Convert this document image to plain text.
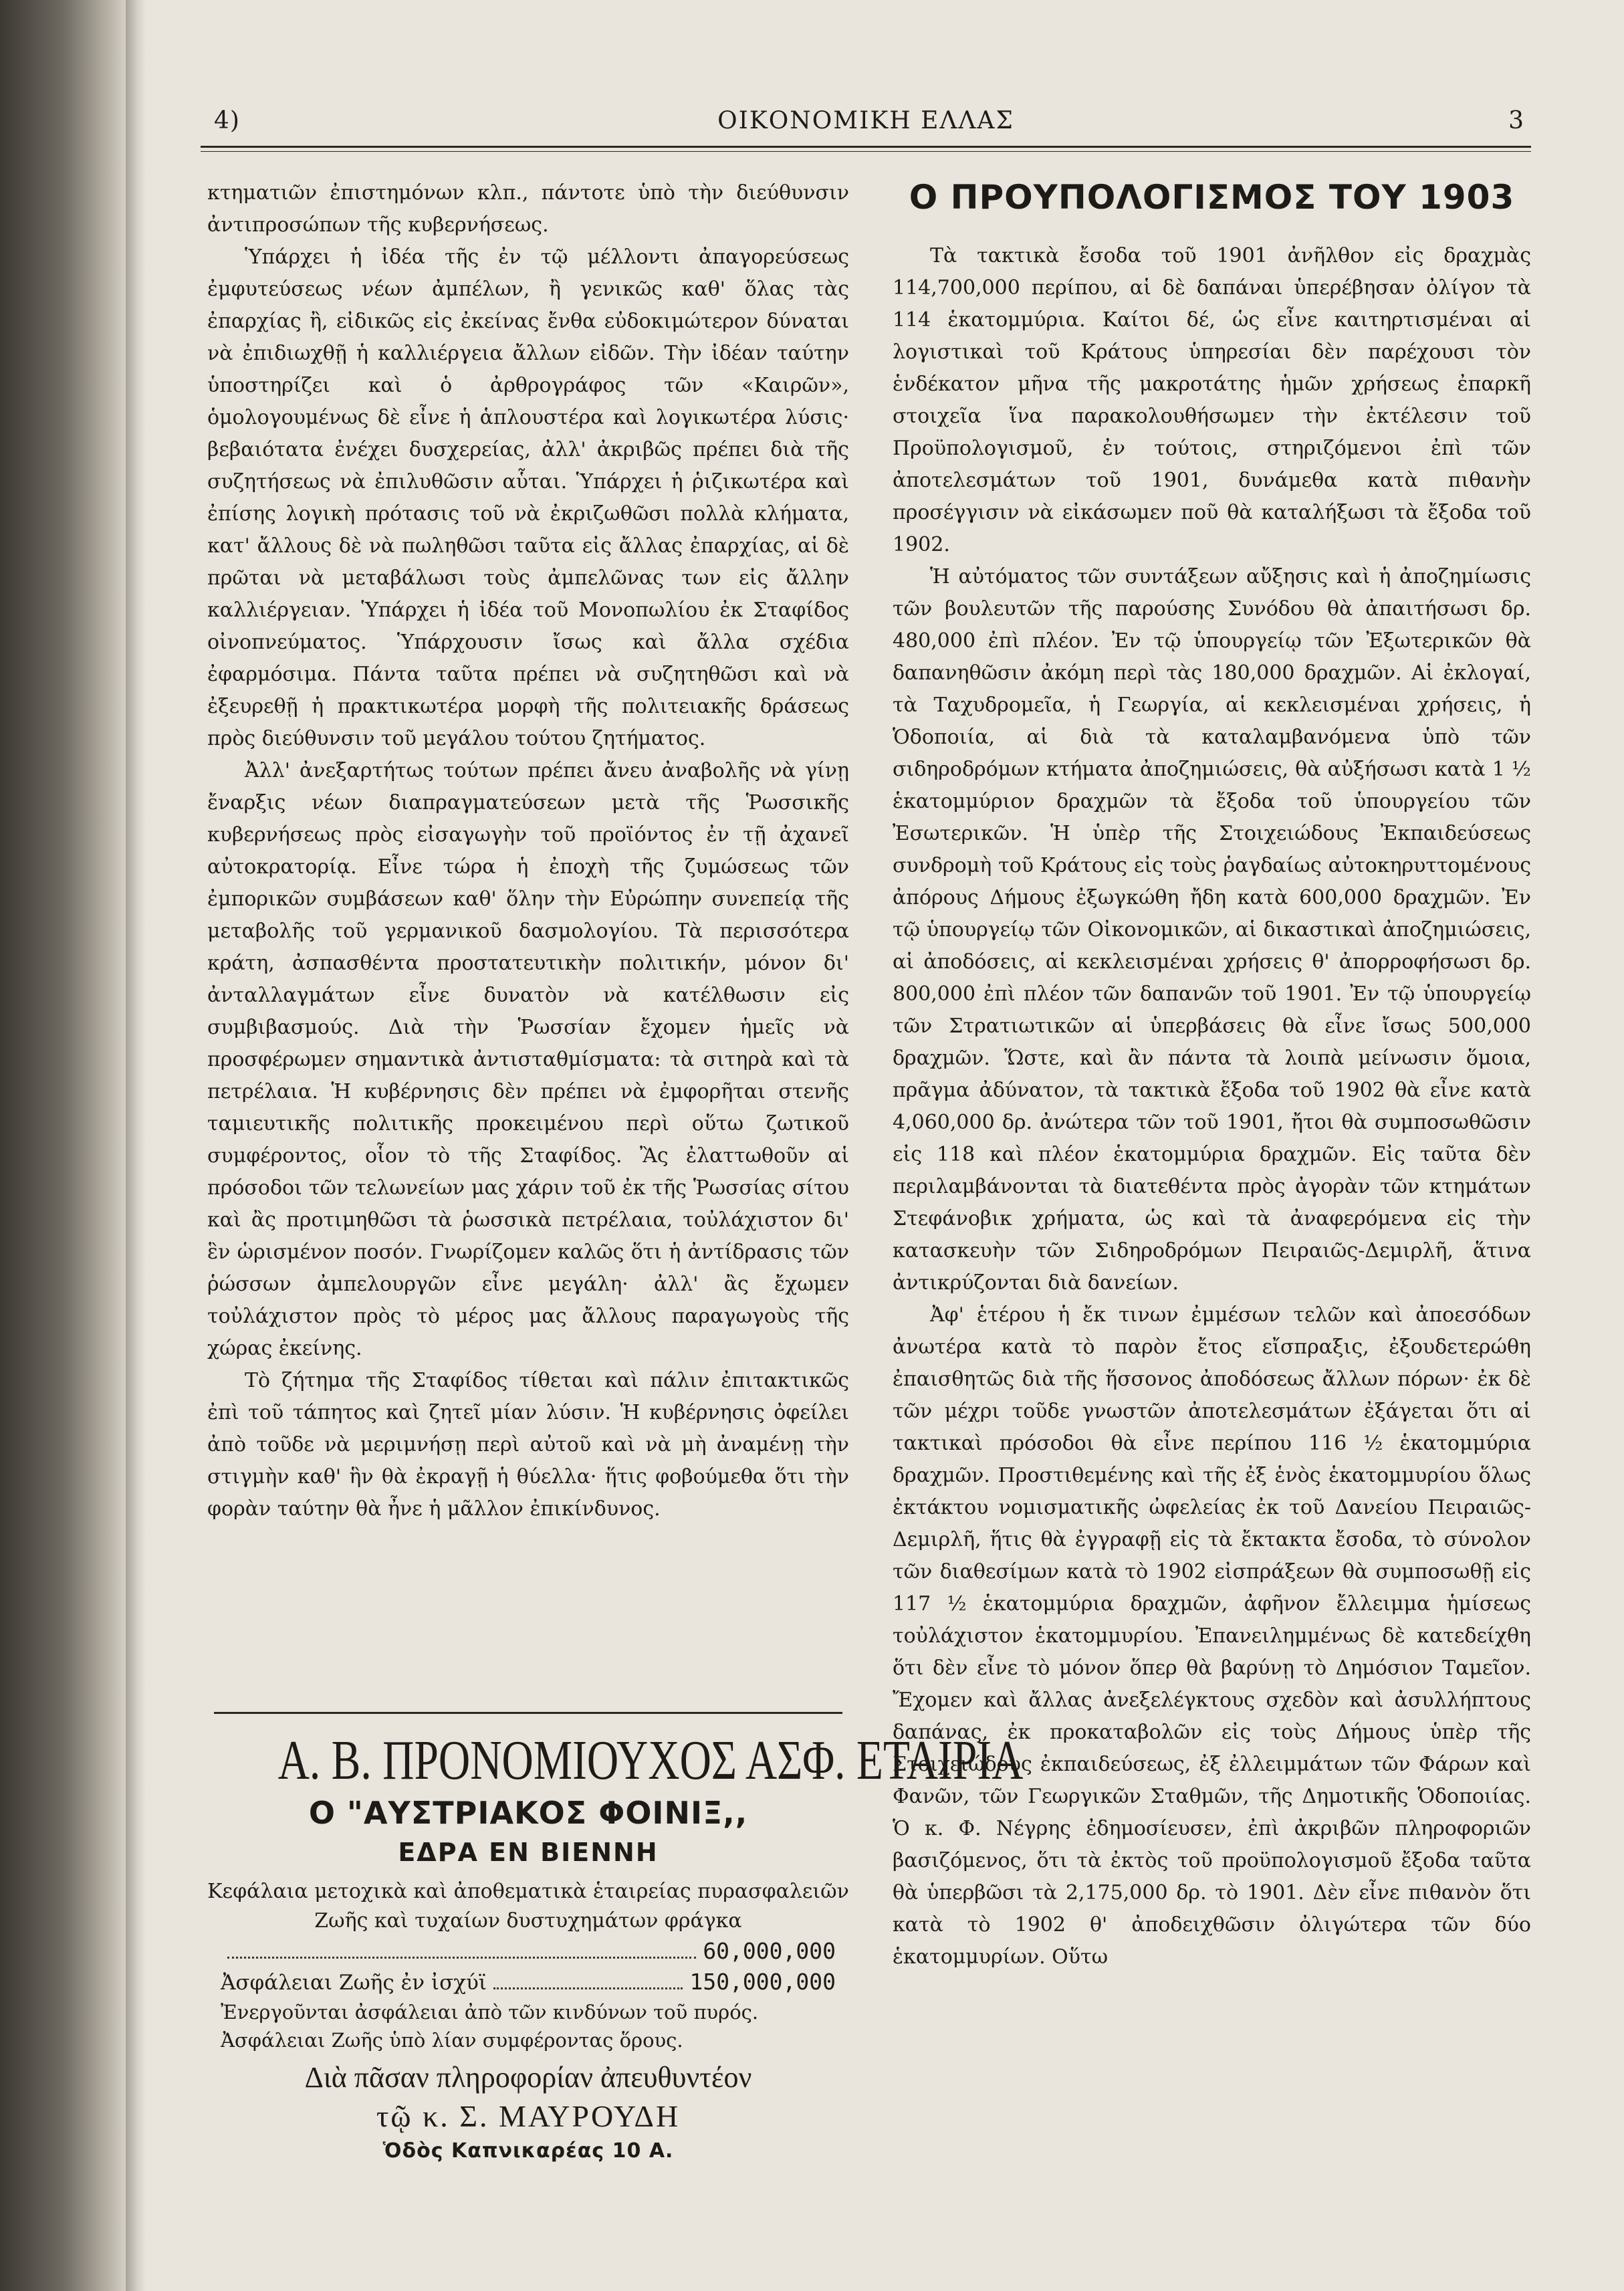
4)	ΟΙΚΟΝΟΜΙΚΗ ΕΛΛΑΣ	3

κτηματιῶν ἐπιστημόνων κλπ., πάντοτε ὑπὸ τὴν διεύθυνσιν ἀντιπροσώπων τῆς κυβερνήσεως.

Ὑπάρχει ἡ ἰδέα τῆς ἐν τῷ μέλλοντι ἀπαγορεύσεως ἐμφυτεύσεως νέων ἀμπέλων, ἢ γενικῶς καθ' ὅλας τὰς ἐπαρχίας ἢ, εἰδικῶς εἰς ἐκείνας ἔνθα εὐδοκιμώτερον δύναται νὰ ἐπιδιωχθῇ ἡ καλλιέργεια ἄλλων εἰδῶν. Τὴν ἰδέαν ταύτην ὑποστηρίζει καὶ ὁ ἀρθρογράφος τῶν «Καιρῶν», ὁμολογουμένως δὲ εἶνε ἡ ἁπλουστέρα καὶ λογικωτέρα λύσις· βεβαιότατα ἐνέχει δυσχερείας, ἀλλ' ἀκριβῶς πρέπει διὰ τῆς συζητήσεως νὰ ἐπιλυθῶσιν αὗται. Ὑπάρχει ἡ ῥιζικωτέρα καὶ ἐπίσης λογικὴ πρότασις τοῦ νὰ ἐκριζωθῶσι πολλὰ κλήματα, κατ' ἄλλους δὲ νὰ πωληθῶσι ταῦτα εἰς ἄλλας ἐπαρχίας, αἱ δὲ πρῶται νὰ μεταβάλωσι τοὺς ἀμπελῶνας των εἰς ἄλλην καλλιέργειαν. Ὑπάρχει ἡ ἰδέα τοῦ Μονοπωλίου ἐκ Σταφίδος οἰνοπνεύματος. Ὑπάρχουσιν ἴσως καὶ ἄλλα σχέδια ἐφαρμόσιμα. Πάντα ταῦτα πρέπει νὰ συζητηθῶσι καὶ νὰ ἐξευρεθῇ ἡ πρακτικωτέρα μορφὴ τῆς πολιτειακῆς δράσεως πρὸς διεύθυνσιν τοῦ μεγάλου τούτου ζητήματος.

Ἀλλ' ἀνεξαρτήτως τούτων πρέπει ἄνευ ἀναβολῆς νὰ γίνῃ ἔναρξις νέων διαπραγματεύσεων μετὰ τῆς Ῥωσσικῆς κυβερνήσεως πρὸς εἰσαγωγὴν τοῦ προϊόντος ἐν τῇ ἀχανεῖ αὐτοκρατορίᾳ. Εἶνε τώρα ἡ ἐποχὴ τῆς ζυμώσεως τῶν ἐμπορικῶν συμβάσεων καθ' ὅλην τὴν Εὐρώπην συνεπείᾳ τῆς μεταβολῆς τοῦ γερμανικοῦ δασμολογίου. Τὰ περισσότερα κράτη, ἀσπασθέντα προστατευτικὴν πολιτικήν, μόνον δι' ἀνταλλαγμάτων εἶνε δυνατὸν νὰ κατέλθωσιν εἰς συμβιβασμούς. Διὰ τὴν Ῥωσσίαν ἔχομεν ἡμεῖς νὰ προσφέρωμεν σημαντικὰ ἀντισταθμίσματα: τὰ σιτηρὰ καὶ τὰ πετρέλαια. Ἡ κυβέρνησις δὲν πρέπει νὰ ἐμφορῆται στενῆς ταμιευτικῆς πολιτικῆς προκειμένου περὶ οὕτω ζωτικοῦ συμφέροντος, οἷον τὸ τῆς Σταφίδος. Ἂς ἐλαττωθοῦν αἱ πρόσοδοι τῶν τελωνείων μας χάριν τοῦ ἐκ τῆς Ῥωσσίας σίτου καὶ ἂς προτιμηθῶσι τὰ ῥωσσικὰ πετρέλαια, τοὐλάχιστον δι' ἓν ὡρισμένον ποσόν. Γνωρίζομεν καλῶς ὅτι ἡ ἀντίδρασις τῶν ῥώσσων ἀμπελουργῶν εἶνε μεγάλη· ἀλλ' ἂς ἔχωμεν τοὐλάχιστον πρὸς τὸ μέρος μας ἄλλους παραγωγοὺς τῆς χώρας ἐκείνης.

Τὸ ζήτημα τῆς Σταφίδος τίθεται καὶ πάλιν ἐπιτακτικῶς ἐπὶ τοῦ τάπητος καὶ ζητεῖ μίαν λύσιν. Ἡ κυβέρνησις ὀφείλει ἀπὸ τοῦδε νὰ μεριμνήσῃ περὶ αὐτοῦ καὶ νὰ μὴ ἀναμένῃ τὴν στιγμὴν καθ' ἣν θὰ ἐκραγῇ ἡ θύελλα· ἥτις φοβούμεθα ὅτι τὴν φορὰν ταύτην θὰ ἦνε ἡ μᾶλλον ἐπικίνδυνος.

Α. Β. ΠΡΟΝΟΜΙΟΥΧΟΣ ΑΣΦ. ΕΤΑΙΡΙΑ
Ο "ΑΥΣΤΡΙΑΚΟΣ ΦΟΙΝΙΞ,,
ΕΔΡΑ ΕΝ ΒΙΕΝΝΗ
Κεφάλαια μετοχικὰ καὶ ἀποθεματικὰ ἑταιρείας πυρασφαλειῶν Ζωῆς καὶ τυχαίων δυστυχημάτων φράγκα
60,000,000
Ἀσφάλειαι Ζωῆς ἐν ἰσχύϊ	150,000,000
Ἐνεργοῦνται ἀσφάλειαι ἀπὸ τῶν κινδύνων τοῦ πυρός.
Ἀσφάλειαι Ζωῆς ὑπὸ λίαν συμφέροντας ὅρους.
Διὰ πᾶσαν πληροφορίαν ἀπευθυντέον
τῷ κ. Σ. ΜΑΥΡΟΥΔΗ
Ὁδὸς Καπνικαρέας 10 Α.
Ο ΠΡΟΥΠΟΛΟΓΙΣΜΟΣ ΤΟΥ 1903

Τὰ τακτικὰ ἔσοδα τοῦ 1901 ἀνῆλθον εἰς δραχμὰς 114,700,000 περίπου, αἱ δὲ δαπάναι ὑπερέβησαν ὀλίγον τὰ 114 ἑκατομμύρια. Καίτοι δέ, ὡς εἶνε καιτηρτισμέναι αἱ λογιστικαὶ τοῦ Κράτους ὑπηρεσίαι δὲν παρέχουσι τὸν ἑνδέκατον μῆνα τῆς μακροτάτης ἡμῶν χρήσεως ἐπαρκῆ στοιχεῖα ἵνα παρακολουθήσωμεν τὴν ἐκτέλεσιν τοῦ Προϋπολογισμοῦ, ἐν τούτοις, στηριζόμενοι ἐπὶ τῶν ἀποτελεσμάτων τοῦ 1901, δυνάμεθα κατὰ πιθανὴν προσέγγισιν νὰ εἰκάσωμεν ποῦ θὰ καταλήξωσι τὰ ἔξοδα τοῦ 1902.

Ἡ αὐτόματος τῶν συντάξεων αὔξησις καὶ ἡ ἀποζημίωσις τῶν βουλευτῶν τῆς παρούσης Συνόδου θὰ ἀπαιτήσωσι δρ. 480,000 ἐπὶ πλέον. Ἐν τῷ ὑπουργείῳ τῶν Ἐξωτερικῶν θὰ δαπανηθῶσιν ἀκόμη περὶ τὰς 180,000 δραχμῶν. Αἱ ἐκλογαί, τὰ Ταχυδρομεῖα, ἡ Γεωργία, αἱ κεκλεισμέναι χρήσεις, ἡ Ὁδοποιία, αἱ διὰ τὰ καταλαμβανόμενα ὑπὸ τῶν σιδηροδρόμων κτήματα ἀποζημιώσεις, θὰ αὐξήσωσι κατὰ 1 ½ ἑκατομμύριον δραχμῶν τὰ ἔξοδα τοῦ ὑπουργείου τῶν Ἐσωτερικῶν. Ἡ ὑπὲρ τῆς Στοιχειώδους Ἐκπαιδεύσεως συνδρομὴ τοῦ Κράτους εἰς τοὺς ῥαγδαίως αὐτοκηρυττομένους ἀπόρους Δήμους ἐξωγκώθη ἤδη κατὰ 600,000 δραχμῶν. Ἐν τῷ ὑπουργείῳ τῶν Οἰκονομικῶν, αἱ δικαστικαὶ ἀποζημιώσεις, αἱ ἀποδόσεις, αἱ κεκλεισμέναι χρήσεις θ' ἀπορροφήσωσι δρ. 800,000 ἐπὶ πλέον τῶν δαπανῶν τοῦ 1901. Ἐν τῷ ὑπουργείῳ τῶν Στρατιωτικῶν αἱ ὑπερβάσεις θὰ εἶνε ἴσως 500,000 δραχμῶν. Ὥστε, καὶ ἂν πάντα τὰ λοιπὰ μείνωσιν ὅμοια, πρᾶγμα ἀδύνατον, τὰ τακτικὰ ἔξοδα τοῦ 1902 θὰ εἶνε κατὰ 4,060,000 δρ. ἀνώτερα τῶν τοῦ 1901, ἤτοι θὰ συμποσωθῶσιν εἰς 118 καὶ πλέον ἑκατομμύρια δραχμῶν. Εἰς ταῦτα δὲν περιλαμβάνονται τὰ διατεθέντα πρὸς ἀγορὰν τῶν κτημάτων Στεφάνοβικ χρήματα, ὡς καὶ τὰ ἀναφερόμενα εἰς τὴν κατασκευὴν τῶν Σιδηροδρόμων Πειραιῶς-Δεμιρλῆ, ἅτινα ἀντικρύζονται διὰ δανείων.

Ἀφ' ἑτέρου ἡ ἔκ τινων ἐμμέσων τελῶν καὶ ἀποεσόδων ἀνωτέρα κατὰ τὸ παρὸν ἔτος εἴσπραξις, ἐξουδετερώθη ἐπαισθητῶς διὰ τῆς ἥσσονος ἀποδόσεως ἄλλων πόρων· ἐκ δὲ τῶν μέχρι τοῦδε γνωστῶν ἀποτελεσμάτων ἐξάγεται ὅτι αἱ τακτικαὶ πρόσοδοι θὰ εἶνε περίπου 116 ½ ἑκατομμύρια δραχμῶν. Προστιθεμένης καὶ τῆς ἐξ ἑνὸς ἑκατομμυρίου ὅλως ἐκτάκτου νομισματικῆς ὠφελείας ἐκ τοῦ Δανείου Πειραιῶς-Δεμιρλῆ, ἥτις θὰ ἐγγραφῇ εἰς τὰ ἔκτακτα ἔσοδα, τὸ σύνολον τῶν διαθεσίμων κατὰ τὸ 1902 εἰσπράξεων θὰ συμποσωθῇ εἰς 117 ½ ἑκατομμύρια δραχμῶν, ἀφῆνον ἔλλειμμα ἡμίσεως τοὐλάχιστον ἑκατομμυρίου. Ἐπανειλημμένως δὲ κατεδείχθη ὅτι δὲν εἶνε τὸ μόνον ὅπερ θὰ βαρύνῃ τὸ Δημόσιον Ταμεῖον. Ἔχομεν καὶ ἄλλας ἀνεξελέγκτους σχεδὸν καὶ ἀσυλλήπτους δαπάνας, ἐκ προκαταβολῶν εἰς τοὺς Δήμους ὑπὲρ τῆς Στοιχειώδους ἐκπαιδεύσεως, ἐξ ἐλλειμμάτων τῶν Φάρων καὶ Φανῶν, τῶν Γεωργικῶν Σταθμῶν, τῆς Δημοτικῆς Ὁδοποιίας. Ὁ κ. Φ. Νέγρης ἐδημοσίευσεν, ἐπὶ ἀκριβῶν πληροφοριῶν βασιζόμενος, ὅτι τὰ ἐκτὸς τοῦ προϋπολογισμοῦ ἔξοδα ταῦτα θὰ ὑπερβῶσι τὰ 2,175,000 δρ. τὸ 1901. Δὲν εἶνε πιθανὸν ὅτι κατὰ τὸ 1902 θ' ἀποδειχθῶσιν ὀλιγώτερα τῶν δύο ἑκατομμυρίων. Οὕτω
